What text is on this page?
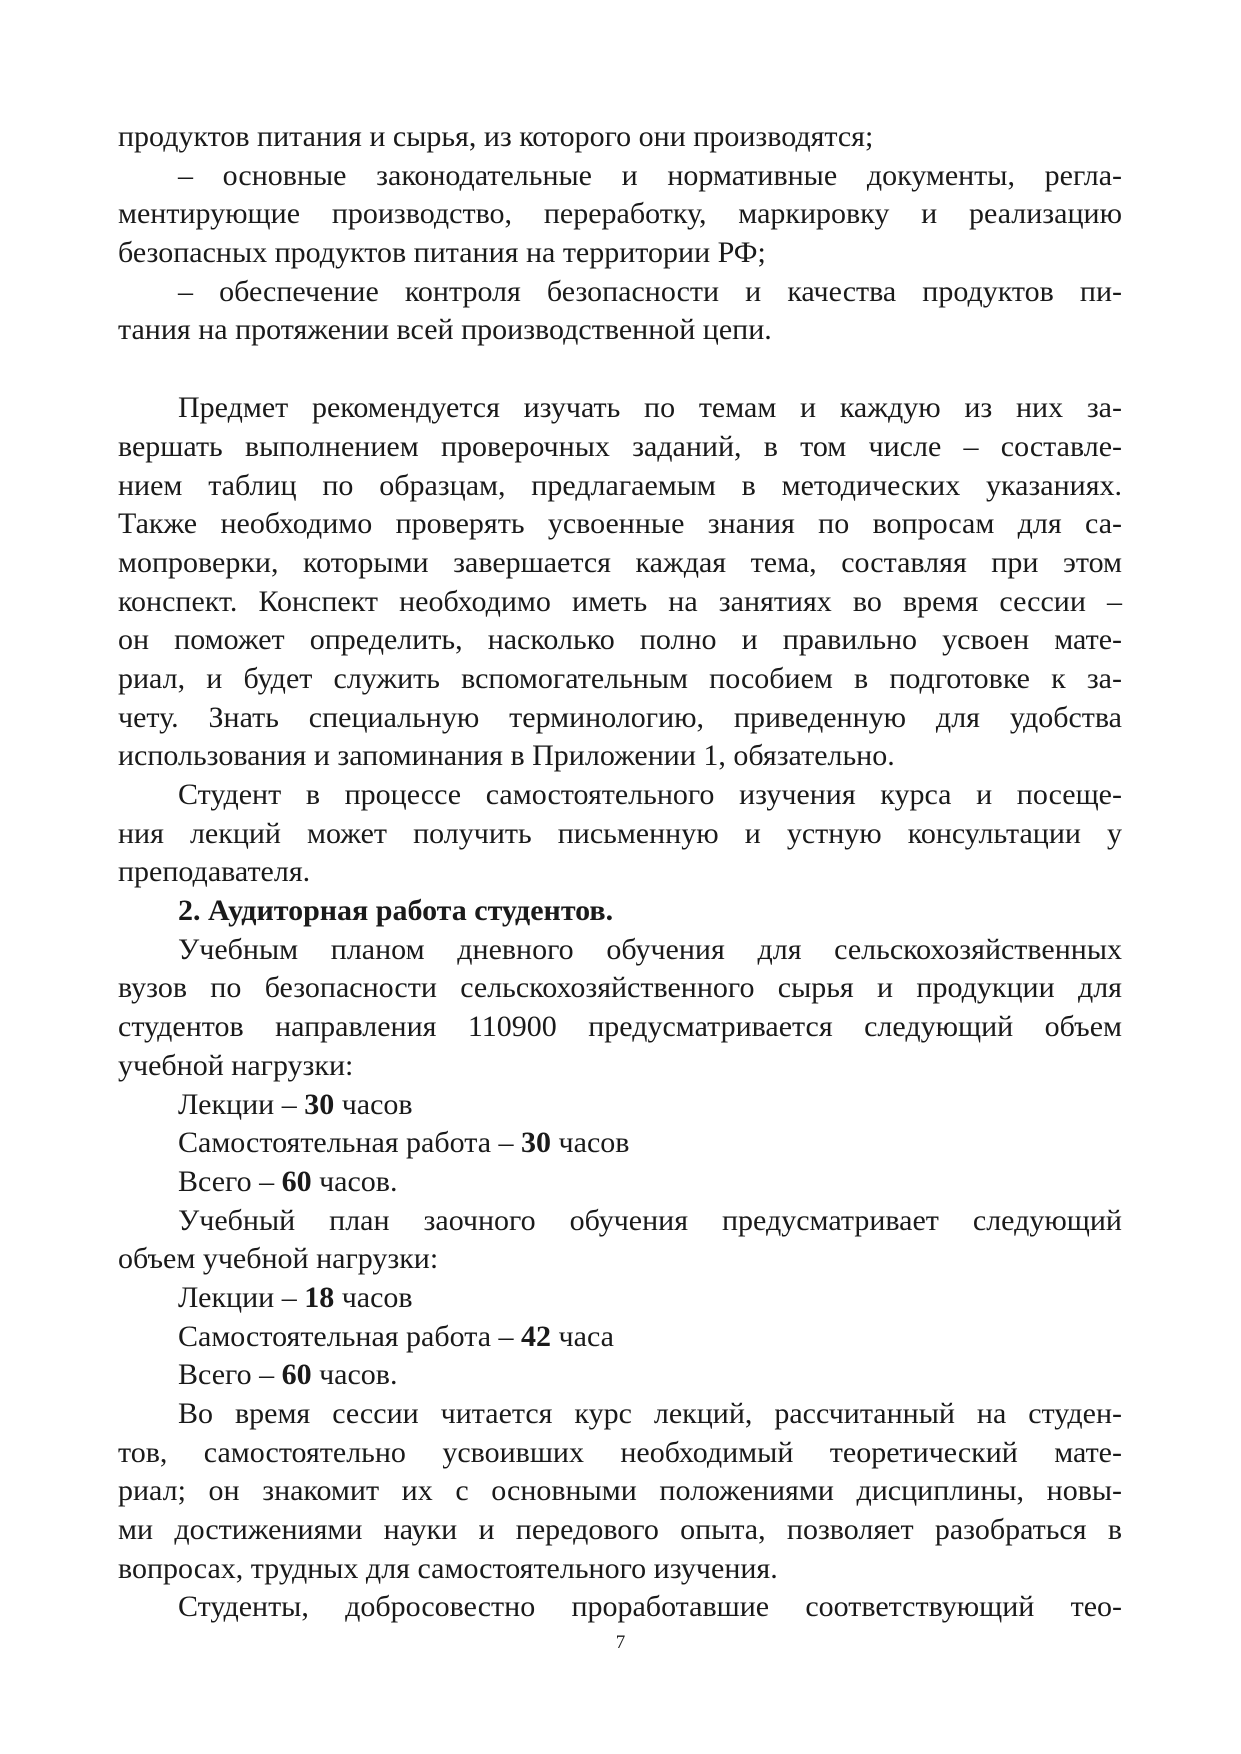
продуктов питания и сырья, из которого они производятся;
– основные законодательные и нормативные документы, регла-
ментирующие производство, переработку, маркировку и реализацию
безопасных продуктов питания на территории РФ;
– обеспечение контроля безопасности и качества продуктов пи-
тания на протяжении всей производственной цепи.
Предмет рекомендуется изучать по темам и каждую из них за-
вершать выполнением проверочных заданий, в том числе – составле-
нием таблиц по образцам, предлагаемым в методических указаниях.
Также необходимо проверять усвоенные знания по вопросам для са-
мопроверки, которыми завершается каждая тема, составляя при этом
конспект. Конспект необходимо иметь на занятиях во время сессии –
он поможет определить, насколько полно и правильно усвоен мате-
риал, и будет служить вспомогательным пособием в подготовке к за-
чету. Знать специальную терминологию, приведенную для удобства
использования и запоминания в Приложении 1, обязательно.
Студент в процессе самостоятельного изучения курса и посеще-
ния лекций может получить письменную и устную консультации у
преподавателя.
2. Аудиторная работа студентов.
Учебным планом дневного обучения для сельскохозяйственных
вузов по безопасности сельскохозяйственного сырья и продукции для
студентов направления 110900 предусматривается следующий объем
учебной нагрузки:
Лекции – 30 часов
Самостоятельная работа – 30 часов
Всего – 60 часов.
Учебный план заочного обучения предусматривает следующий
объем учебной нагрузки:
Лекции – 18 часов
Самостоятельная работа – 42 часа
Всего – 60 часов.
Во время сессии читается курс лекций, рассчитанный на студен-
тов, самостоятельно усвоивших необходимый теоретический мате-
риал; он знакомит их с основными положениями дисциплины, новы-
ми достижениями науки и передового опыта, позволяет разобраться в
вопросах, трудных для самостоятельного изучения.
Студенты, добросовестно проработавшие соответствующий тео-
7
